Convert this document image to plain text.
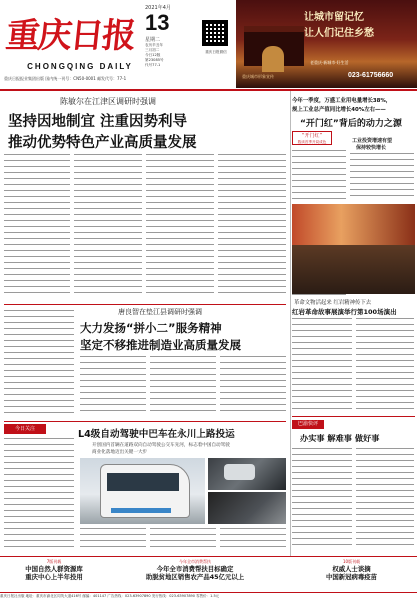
重庆日报
CHONGQING DAILY
重庆日报报业集团出版 国内统一刊号：CN50-0001 邮发代号：77-1
2021年4月
13
星期二
农历辛丑年
三月初二
今日12版
第23085号
代号77-1
重庆日报微信
让城市留记忆
让人们记住乡愁
老重庆·新城市·好生活
023-61756660
重庆城市形象宣传
陈敏尔在江津区调研时强调
坚持因地制宜 注重因势利导
推动优势特色产业高质量发展
今年一季度，万盛工业用电量增长38%，
规上工业总产值同比增长40%左右——
“开门红”背后的动力之源
“开门红”
数读首季开局成色	工业投资增速有望
保持较快增长
唐良智在垫江县调研时强调
大力发扬“拼小二”服务精神
坚定不移推进制造业高质量发展
革命文物活起来 红岩精神传下去
红岩革命故事展演举行第100场演出
巴渝快评
办实事 解难事 做好事
今日关注	L4级自动驾驶中巴车在永川上路投运
开创国内首辆在道路双向自动驾驶公交车先河，标志着中国自动驾驶
商业化落地迈出关键一大步
7版刊载
中国自然人群资源库
重庆中心上半年投用
今年全市消费帮扶
今年全市消费帮扶目标确定
助脱贫地区销售农产品45亿元以上
10版刊载
权威人士谈摘
中国新冠病毒疫苗
重庆日报社出版 地址：重庆市渝北区同茂大道416号 邮编：401147 广告热线：023-63907890 发行热线：023-63907890 零售价：1.5元
